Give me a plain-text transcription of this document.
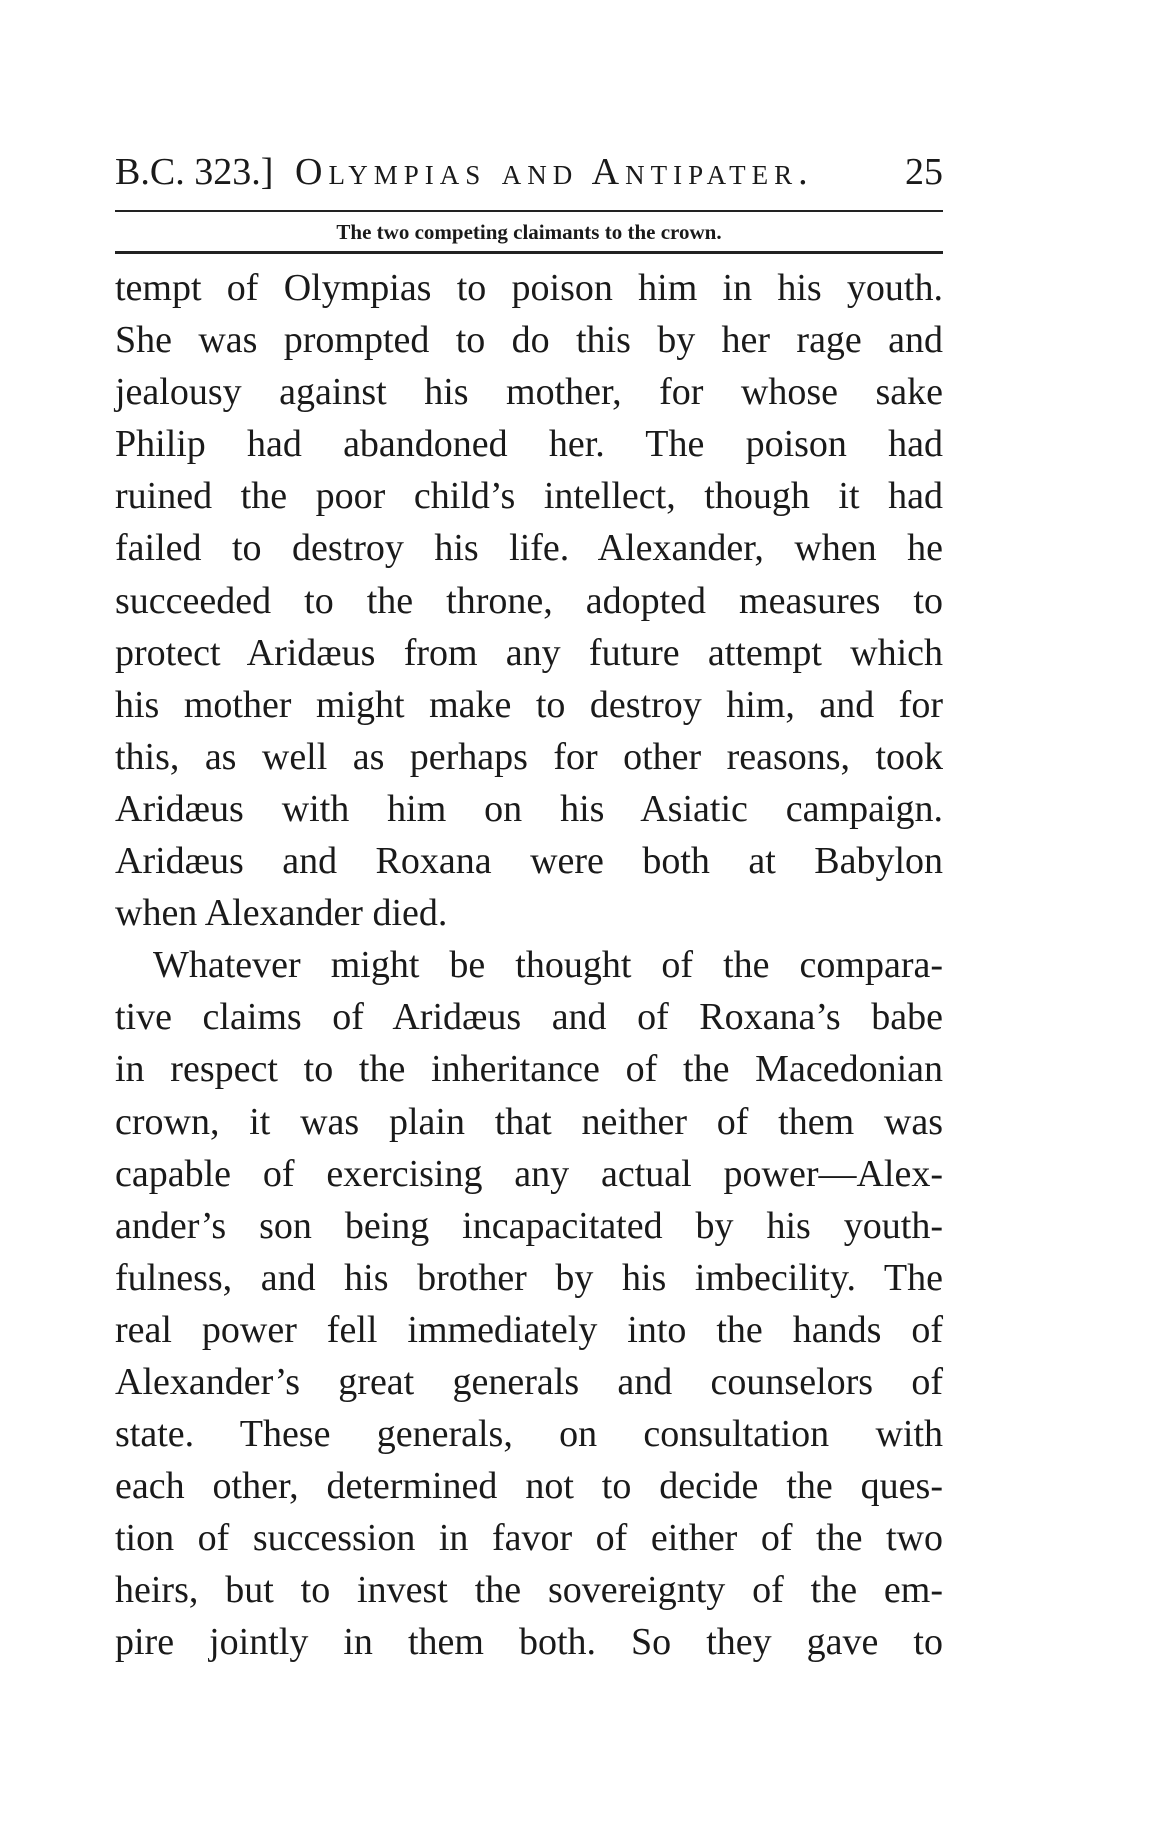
B.C. 323.] Olympias and Antipater. 25
The two competing claimants to the crown.
tempt of Olympias to poison him in his youth.
She was prompted to do this by her rage and
jealousy against his mother, for whose sake
Philip had abandoned her. The poison had
ruined the poor child’s intellect, though it had
failed to destroy his life. Alexander, when he
succeeded to the throne, adopted measures to
protect Aridæus from any future attempt which
his mother might make to destroy him, and for
this, as well as perhaps for other reasons, took
Aridæus with him on his Asiatic campaign.
Aridæus and Roxana were both at Babylon
when Alexander died.
Whatever might be thought of the compara-
tive claims of Aridæus and of Roxana’s babe
in respect to the inheritance of the Macedonian
crown, it was plain that neither of them was
capable of exercising any actual power—Alex-
ander’s son being incapacitated by his youth-
fulness, and his brother by his imbecility. The
real power fell immediately into the hands of
Alexander’s great generals and counselors of
state. These generals, on consultation with
each other, determined not to decide the ques-
tion of succession in favor of either of the two
heirs, but to invest the sovereignty of the em-
pire jointly in them both. So they gave to
